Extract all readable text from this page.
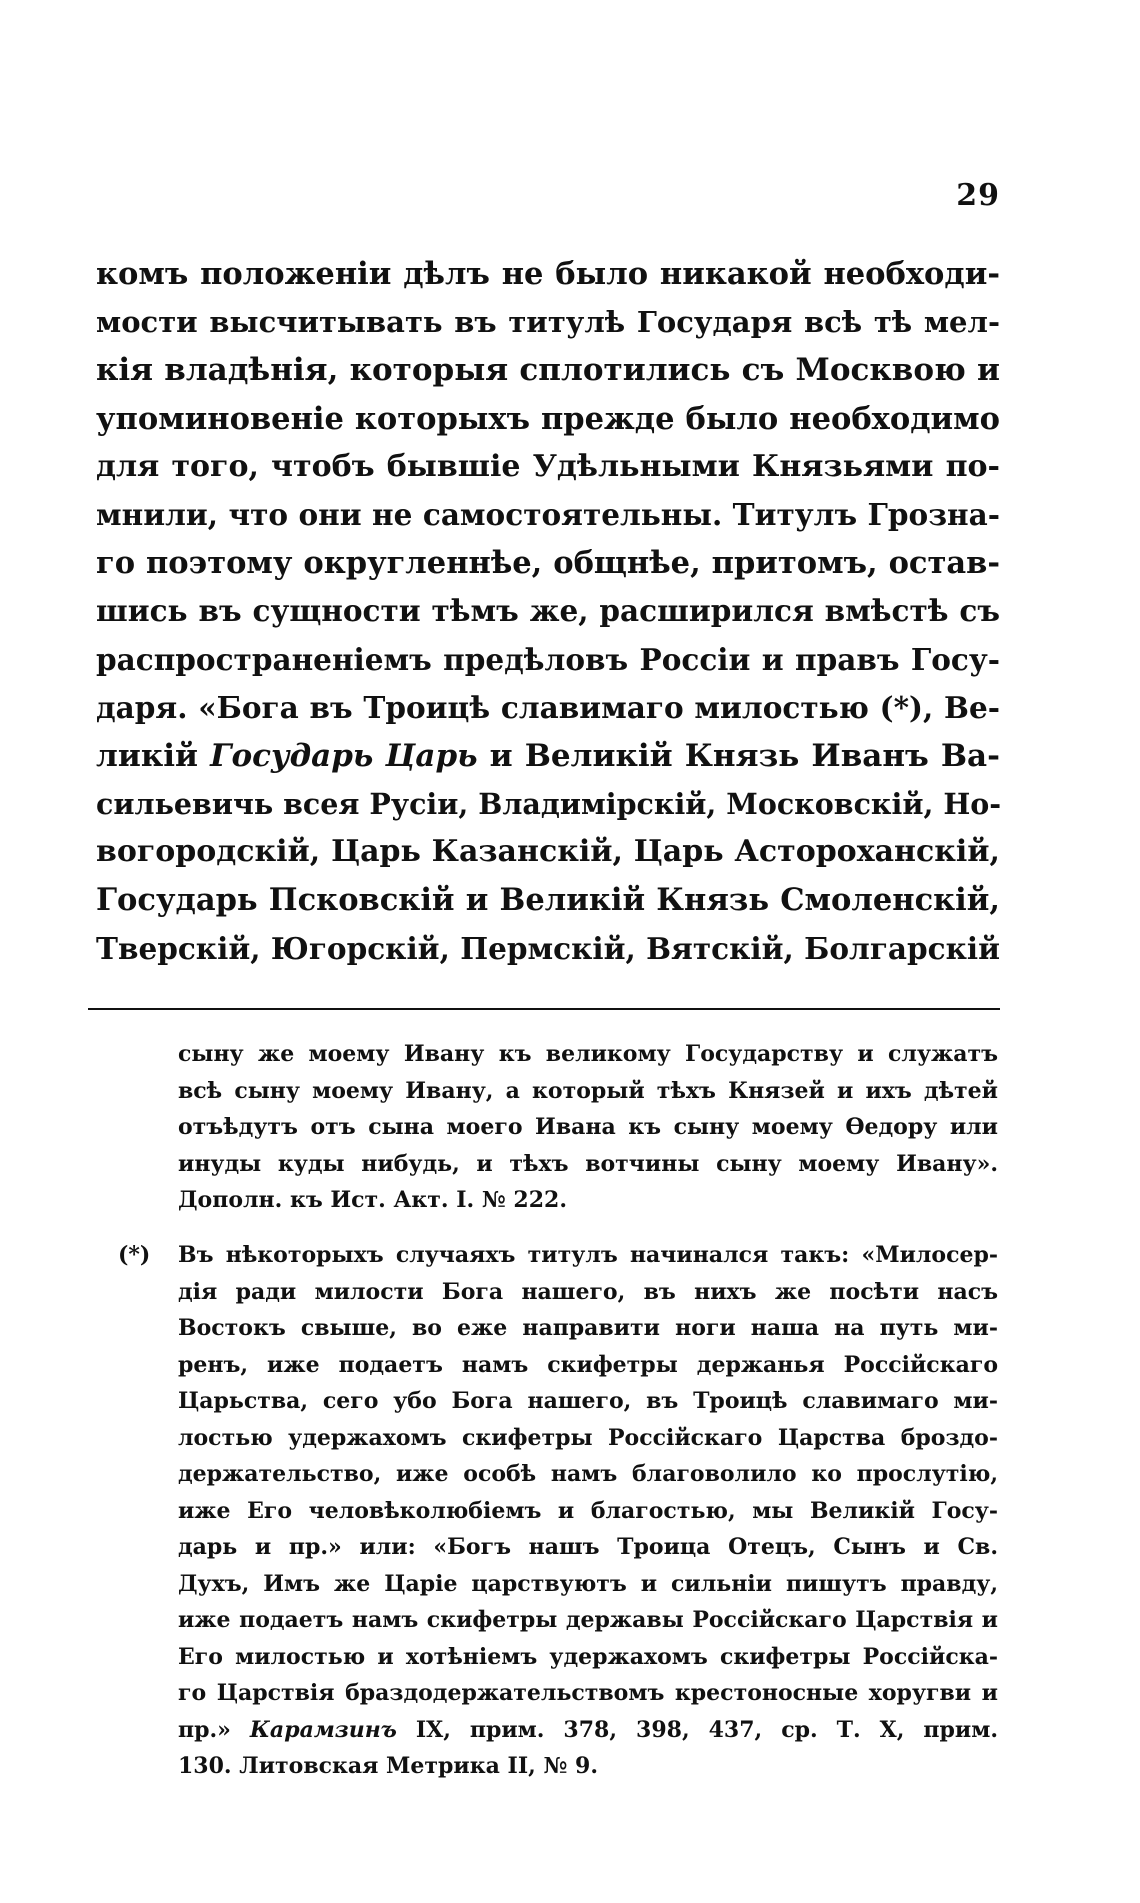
29
комъ положеніи дѣлъ не было никакой необходи-
мости высчитывать въ титулѣ Государя всѣ тѣ мел-
кія владѣнія, которыя сплотились съ Москвою и
упоминовеніе которыхъ прежде было необходимо
для того, чтобъ бывшіе Удѣльными Князьями по-
мнили, что они не самостоятельны. Титулъ Грозна-
го поэтому округленнѣе, общнѣе, притомъ, остав-
шись въ сущности тѣмъ же, расширился вмѣстѣ съ
распространеніемъ предѣловъ Россіи и правъ Госу-
даря. «Бога въ Троицѣ славимаго милостью (*), Ве-
ликій Государь Царь и Великій Князь Иванъ Ва-
сильевичь всея Русіи, Владимірскій, Московскій, Но-
вогородскій, Царь Казанскій, Царь Астороханскій,
Государь Псковскій и Великій Князь Смоленскій,
Тверскій, Югорскій, Пермскій, Вятскій, Болгарскій
сыну же моему Ивану къ великому Государству и служатъ
всѣ сыну моему Ивану, а который тѣхъ Князей и ихъ дѣтей
отъѣдутъ отъ сына моего Ивана къ сыну моему Ѳедору или
инуды куды нибудь, и тѣхъ вотчины сыну моему Ивану».
Дополн. къ Ист. Акт. I. № 222.
(*) Въ нѣкоторыхъ случаяхъ титулъ начинался такъ: «Милосер-
дія ради милости Бога нашего, въ нихъ же посѣти насъ
Востокъ свыше, во еже направити ноги наша на путь ми-
ренъ, иже подаетъ намъ скифетры держанья Россійскаго
Царьства, сего убо Бога нашего, въ Троицѣ славимаго ми-
лостью удержахомъ скифетры Россійскаго Царства броздо-
держательство, иже особѣ намъ благоволило ко прослутію,
иже Его человѣколюбіемъ и благостью, мы Великій Госу-
дарь и пр.» или: «Богъ нашъ Троица Отецъ, Сынъ и Св.
Духъ, Имъ же Царіе царствуютъ и сильніи пишутъ правду,
иже подаетъ намъ скифетры державы Россійскаго Царствія и
Его милостью и хотѣніемъ удержахомъ скифетры Россійска-
го Царствія браздодержательствомъ крестоносные хоругви и
пр.» Карамзинъ IX, прим. 378, 398, 437, ср. Т. X, прим.
130. Литовская Метрика II, № 9.
